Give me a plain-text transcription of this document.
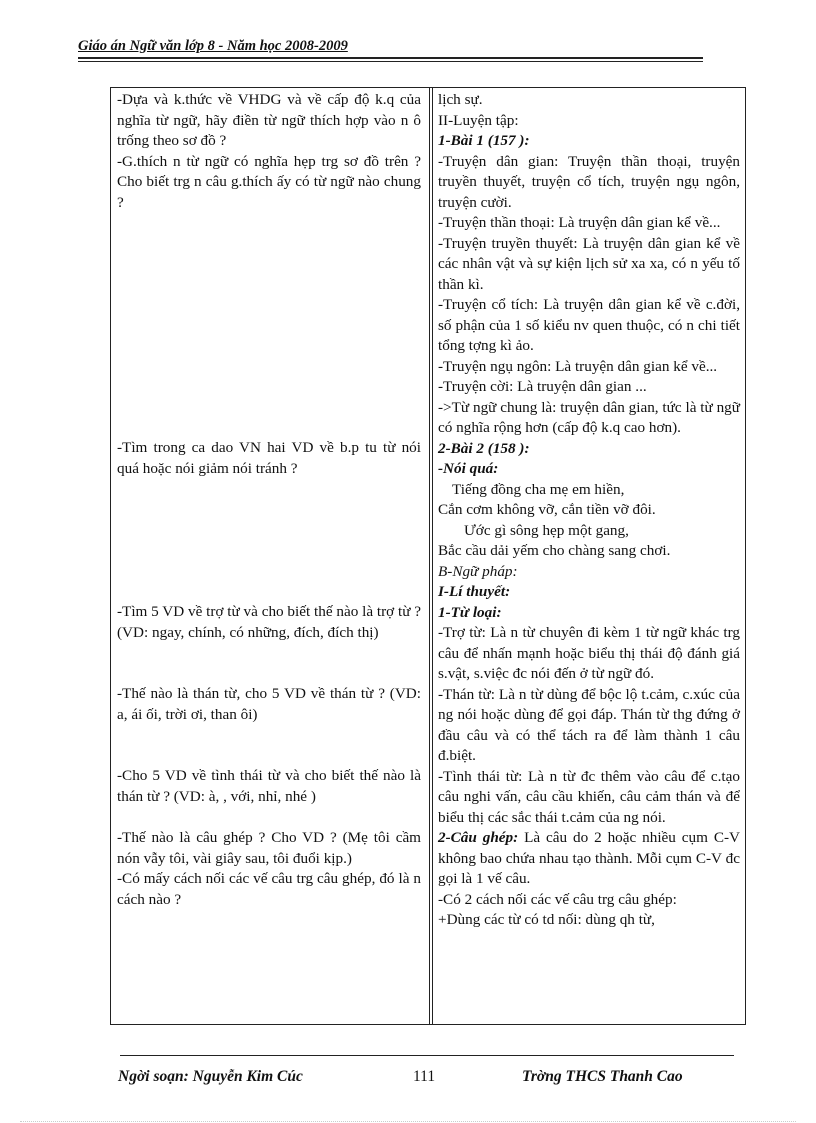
Giáo án Ngữ văn lớp 8 - Năm học 2008-2009

-Dựa và k.thức về VHDG và về cấp độ k.q của nghĩa từ ngữ, hãy điền từ ngữ thích hợp vào n ô trống theo sơ đồ ?

-G.thích n từ ngữ có nghĩa hẹp trg sơ đồ trên ? Cho biết trg n câu g.thích ấy có từ ngữ nào chung ?

-Tìm trong ca dao VN hai VD về b.p tu từ nói quá hoặc nói giảm nói tránh ?

-Tìm 5 VD về trợ từ và cho biết thế nào là trợ từ ? (VD: ngay, chính, có những, đích, đích thị)

-Thế nào là thán từ, cho 5 VD về thán từ ? (VD: a, ái ối, trời ơi, than ôi)

-Cho 5 VD về tình thái từ và cho biết thế nào là thán từ ? (VD: à, , với, nhỉ, nhé )

-Thế nào là câu ghép ? Cho VD ? (Mẹ tôi cầm nón vẫy tôi, vài giây sau, tôi đuổi kịp.)

-Có mấy cách nối các vế câu trg câu ghép, đó là n cách nào ?

lịch sự.

II-Luyện tập:

1-Bài 1 (157 ):

-Truyện dân gian: Truyện thần thoại, truyện truyền thuyết, truyện cổ tích, truyện ngụ ngôn, truyện cười.

-Truyện thần thoại: Là truyện dân gian kể về...

-Truyện truyền thuyết: Là truyện dân gian kể về các nhân vật và sự kiện lịch sử xa xa, có n yếu tố thần kì.

-Truyện cổ tích: Là truyện dân gian kể về c.đời, số phận của 1 số kiểu nv quen thuộc, có n chi tiết tổng tợng kì ảo.

-Truyện ngụ ngôn: Là truyện dân gian kể về...

-Truyện cời: Là truyện dân gian ...

->Từ ngữ chung là: truyện dân gian, tức là từ ngữ có nghĩa rộng hơn (cấp độ k.q cao hơn).

2-Bài 2 (158 ):

-Nói quá:

Tiếng đồng cha mẹ em hiền,

Cắn cơm không vỡ, cắn tiền vỡ đôi.

Ước gì sông hẹp một gang,

Bắc cầu dải yếm cho chàng sang chơi.

B-Ngữ pháp:

I-Lí thuyết:

1-Từ loại:

-Trợ từ: Là n từ chuyên đi kèm 1 từ ngữ khác trg câu để nhấn mạnh hoặc biểu thị thái độ đánh giá s.vật, s.việc đc nói đến ở từ ngữ đó.

-Thán từ: Là n từ dùng để bộc lộ t.cảm, c.xúc của ng nói hoặc dùng để gọi đáp. Thán từ thg đứng ở đầu câu và có thể tách ra để làm thành 1 câu đ.biệt.

-Tình thái từ: Là n từ đc thêm vào câu để c.tạo câu nghi vấn, câu cầu khiến, câu cảm thán và để biểu thị các sắc thái t.cảm của ng nói.

2-Câu ghép: Là câu do 2 hoặc nhiều cụm C-V không bao chứa nhau tạo thành. Mỗi cụm C-V đc gọi là 1 vế câu.

-Có 2 cách nối các vế câu trg câu ghép:

+Dùng các từ có td nối: dùng qh từ,

Ngời soạn: Nguyễn Kim Cúc	111	Trờng THCS Thanh Cao
